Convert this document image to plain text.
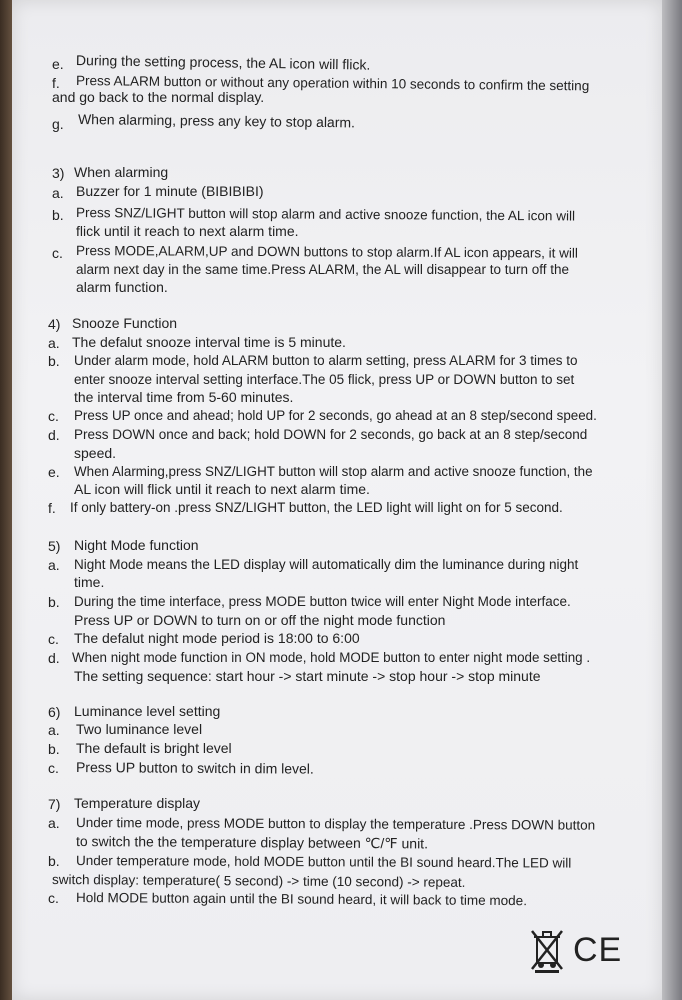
e. During the setting process, the AL icon will flick.
f. Press ALARM button or without any operation within 10 seconds to confirm the setting
and go back to the normal display.
g. When alarming, press any key to stop alarm.
3) When alarming
a. Buzzer for 1 minute (BIBIBIBI)
b. Press SNZ/LIGHT button will stop alarm and active snooze function, the AL icon will
flick until it reach to next alarm time.
c. Press MODE,ALARM,UP and DOWN buttons to stop alarm.If AL icon appears, it will
alarm next day in the same time.Press ALARM, the AL will disappear to turn off the
alarm function.
4) Snooze Function
a. The defalut snooze interval time is 5 minute.
b. Under alarm mode, hold ALARM button to alarm setting, press ALARM for 3 times to
enter snooze interval setting interface.The 05 flick, press UP or DOWN button to set
the interval time from 5-60 minutes.
c. Press UP once and ahead; hold UP for 2 seconds, go ahead at an 8 step/second speed.
d. Press DOWN once and back; hold DOWN for 2 seconds, go back at an 8 step/second
speed.
e. When Alarming,press SNZ/LIGHT button will stop alarm and active snooze function, the
AL icon will flick until it reach to next alarm time.
f. If only battery-on .press SNZ/LIGHT button, the LED light will light on for 5 second.
5) Night Mode function
a. Night Mode means the LED display will automatically dim the luminance during night
time.
b. During the time interface, press MODE button twice will enter Night Mode interface.
Press UP or DOWN to turn on or off the night mode function
c. The defalut night mode period is 18:00 to 6:00
d. When night mode function in ON mode, hold MODE button to enter night mode setting .
The setting sequence: start hour -> start minute -> stop hour -> stop minute
6) Luminance level setting
a. Two luminance level
b. The default is bright level
c. Press UP button to switch in dim level.
7) Temperature display
a. Under time mode, press MODE button to display the temperature .Press DOWN button
to switch the the temperature display between ℃/℉ unit.
b. Under temperature mode, hold MODE button until the BI sound heard.The LED will
switch display: temperature( 5 second) -> time (10 second) -> repeat.
c. Hold MODE button again until the BI sound heard, it will back to time mode.
CE
